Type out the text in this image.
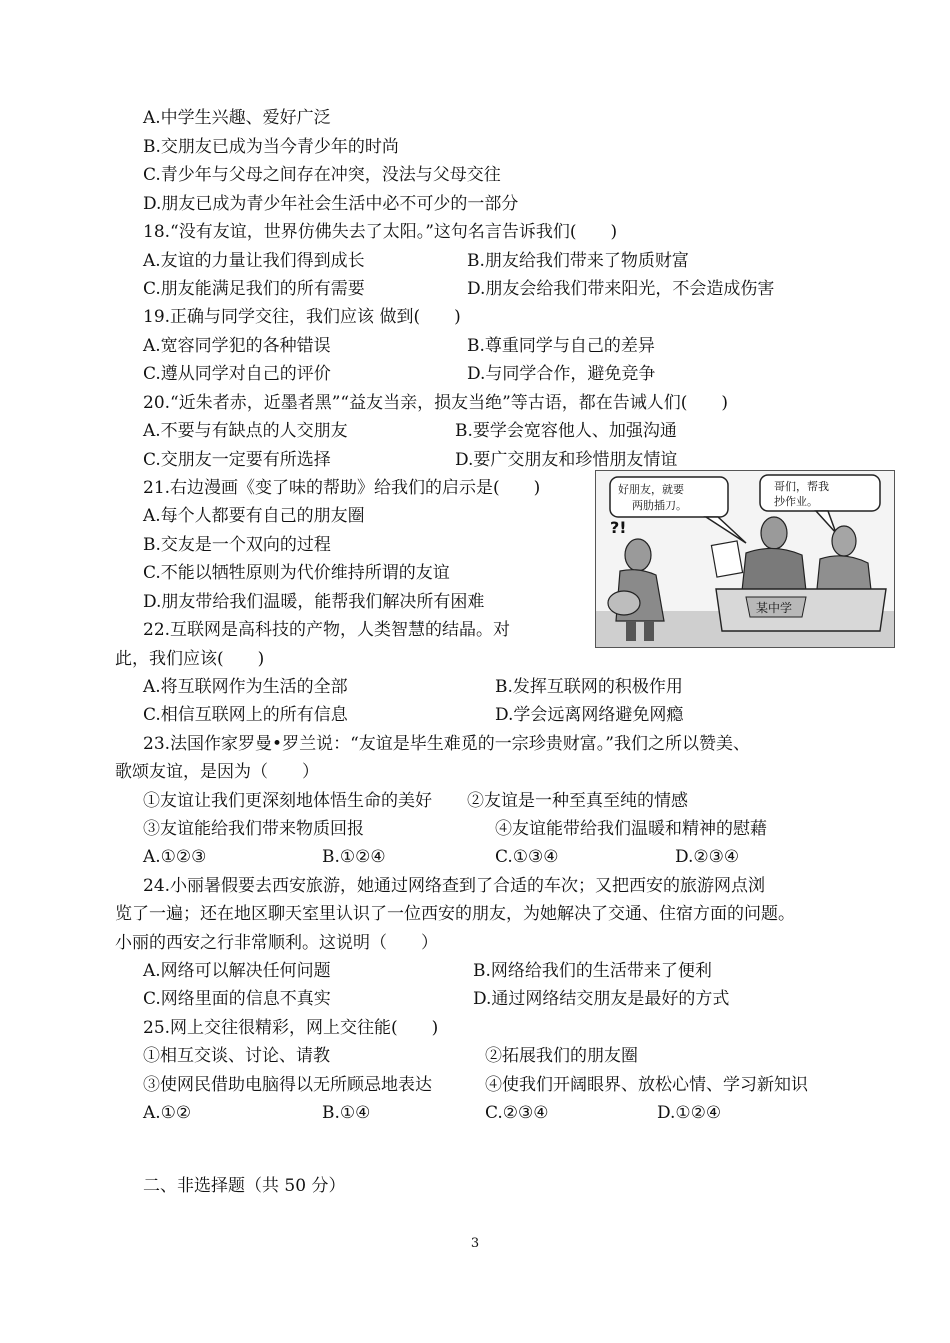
A.中学生兴趣、爱好广泛
B.交朋友已成为当今青少年的时尚
C.青少年与父母之间存在冲突，没法与父母交往
D.朋友已成为青少年社会生活中必不可少的一部分
18.“没有友谊，世界仿佛失去了太阳。”这句名言告诉我们(　　)
A.友谊的力量让我们得到成长	B.朋友给我们带来了物质财富
C.朋友能满足我们的所有需要	D.朋友会给我们带来阳光，不会造成伤害
19.正确与同学交往，我们应该 做到(　　)
A.宽容同学犯的各种错误	B.尊重同学与自己的差异
C.遵从同学对自己的评价	D.与同学合作，避免竞争
20.“近朱者赤，近墨者黑”“益友当亲，损友当绝”等古语，都在告诫人们(　　)
A.不要与有缺点的人交朋友	B.要学会宽容他人、加强沟通
C.交朋友一定要有所选择	D.要广交朋友和珍惜朋友情谊
21.右边漫画《变了味的帮助》给我们的启示是(　　)
A.每个人都要有自己的朋友圈
B.交友是一个双向的过程
C.不能以牺牲原则为代价维持所谓的友谊
D.朋友带给我们温暖，能帮我们解决所有困难
好朋友，就要
两肋插刀。
哥们，帮我
抄作业。
?!
某中学
22.互联网是高科技的产物，人类智慧的结晶。对
此，我们应该(　　)
A.将互联网作为生活的全部	B.发挥互联网的积极作用
C.相信互联网上的所有信息	D.学会远离网络避免网瘾
23.法国作家罗曼•罗兰说：“友谊是毕生难觅的一宗珍贵财富。”我们之所以赞美、
歌颂友谊，是因为（　　）
①友谊让我们更深刻地体悟生命的美好 ②友谊是一种至真至纯的情感
③友谊能给我们带来物质回报	④友谊能带给我们温暖和精神的慰藉
A.①②③	B.①②④	C.①③④	D.②③④
24.小丽暑假要去西安旅游，她通过网络查到了合适的车次；又把西安的旅游网点浏
览了一遍；还在地区聊天室里认识了一位西安的朋友，为她解决了交通、住宿方面的问题。
小丽的西安之行非常顺利。这说明（　　）
A.网络可以解决任何问题	B.网络给我们的生活带来了便利
C.网络里面的信息不真实	D.通过网络结交朋友是最好的方式
25.网上交往很精彩，网上交往能(　　)
①相互交谈、讨论、请教	②拓展我们的朋友圈
③使网民借助电脑得以无所顾忌地表达	④使我们开阔眼界、放松心情、学习新知识
A.①②	B.①④	C.②③④	D.①②④
二、非选择题（共 50 分）
3
